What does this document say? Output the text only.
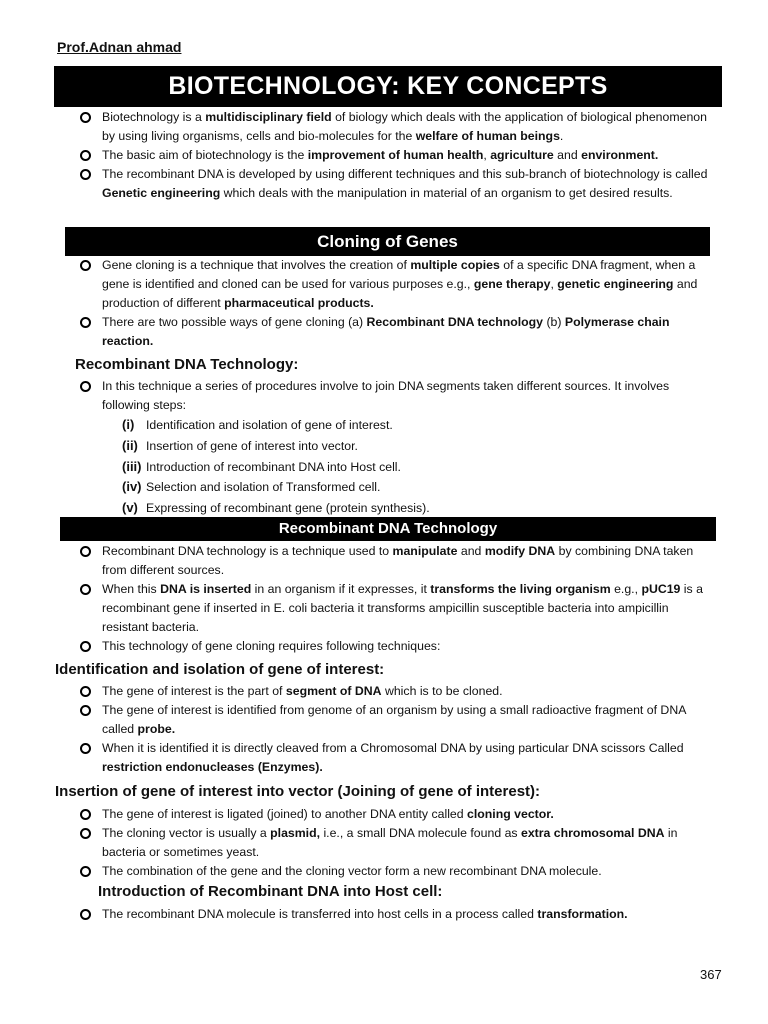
Prof.Adnan ahmad
BIOTECHNOLOGY: KEY CONCEPTS
Biotechnology is a multidisciplinary field of biology which deals with the application of biological phenomenon by using living organisms, cells and bio-molecules for the welfare of human beings.
The basic aim of biotechnology is the improvement of human health, agriculture and environment.
The recombinant DNA is developed by using different techniques and this sub-branch of biotechnology is called Genetic engineering which deals with the manipulation in material of an organism to get desired results.
Cloning of Genes
Gene cloning is a technique that involves the creation of multiple copies of a specific DNA fragment, when a gene is identified and cloned can be used for various purposes e.g., gene therapy, genetic engineering and production of different pharmaceutical products.
There are two possible ways of gene cloning (a) Recombinant DNA technology (b) Polymerase chain reaction.
Recombinant DNA Technology:
In this technique a series of procedures involve to join DNA segments taken different sources. It involves following steps:
(i) Identification and isolation of gene of interest.
(ii) Insertion of gene of interest into vector.
(iii) Introduction of recombinant DNA into Host cell.
(iv) Selection and isolation of Transformed cell.
(v) Expressing of recombinant gene (protein synthesis).
Recombinant DNA Technology
Recombinant DNA technology is a technique used to manipulate and modify DNA by combining DNA taken from different sources.
When this DNA is inserted in an organism if it expresses, it transforms the living organism e.g., pUC19 is a recombinant gene if inserted in E. coli bacteria it transforms ampicillin susceptible bacteria into ampicillin resistant bacteria.
This technology of gene cloning requires following techniques:
Identification and isolation of gene of interest:
The gene of interest is the part of segment of DNA which is to be cloned.
The gene of interest is identified from genome of an organism by using a small radioactive fragment of DNA called probe.
When it is identified it is directly cleaved from a Chromosomal DNA by using particular DNA scissors Called restriction endonucleases (Enzymes).
Insertion of gene of interest into vector (Joining of gene of interest):
The gene of interest is ligated (joined) to another DNA entity called cloning vector.
The cloning vector is usually a plasmid, i.e., a small DNA molecule found as extra chromosomal DNA in bacteria or sometimes yeast.
The combination of the gene and the cloning vector form a new recombinant DNA molecule.
Introduction of Recombinant DNA into Host cell:
The recombinant DNA molecule is transferred into host cells in a process called transformation.
367
